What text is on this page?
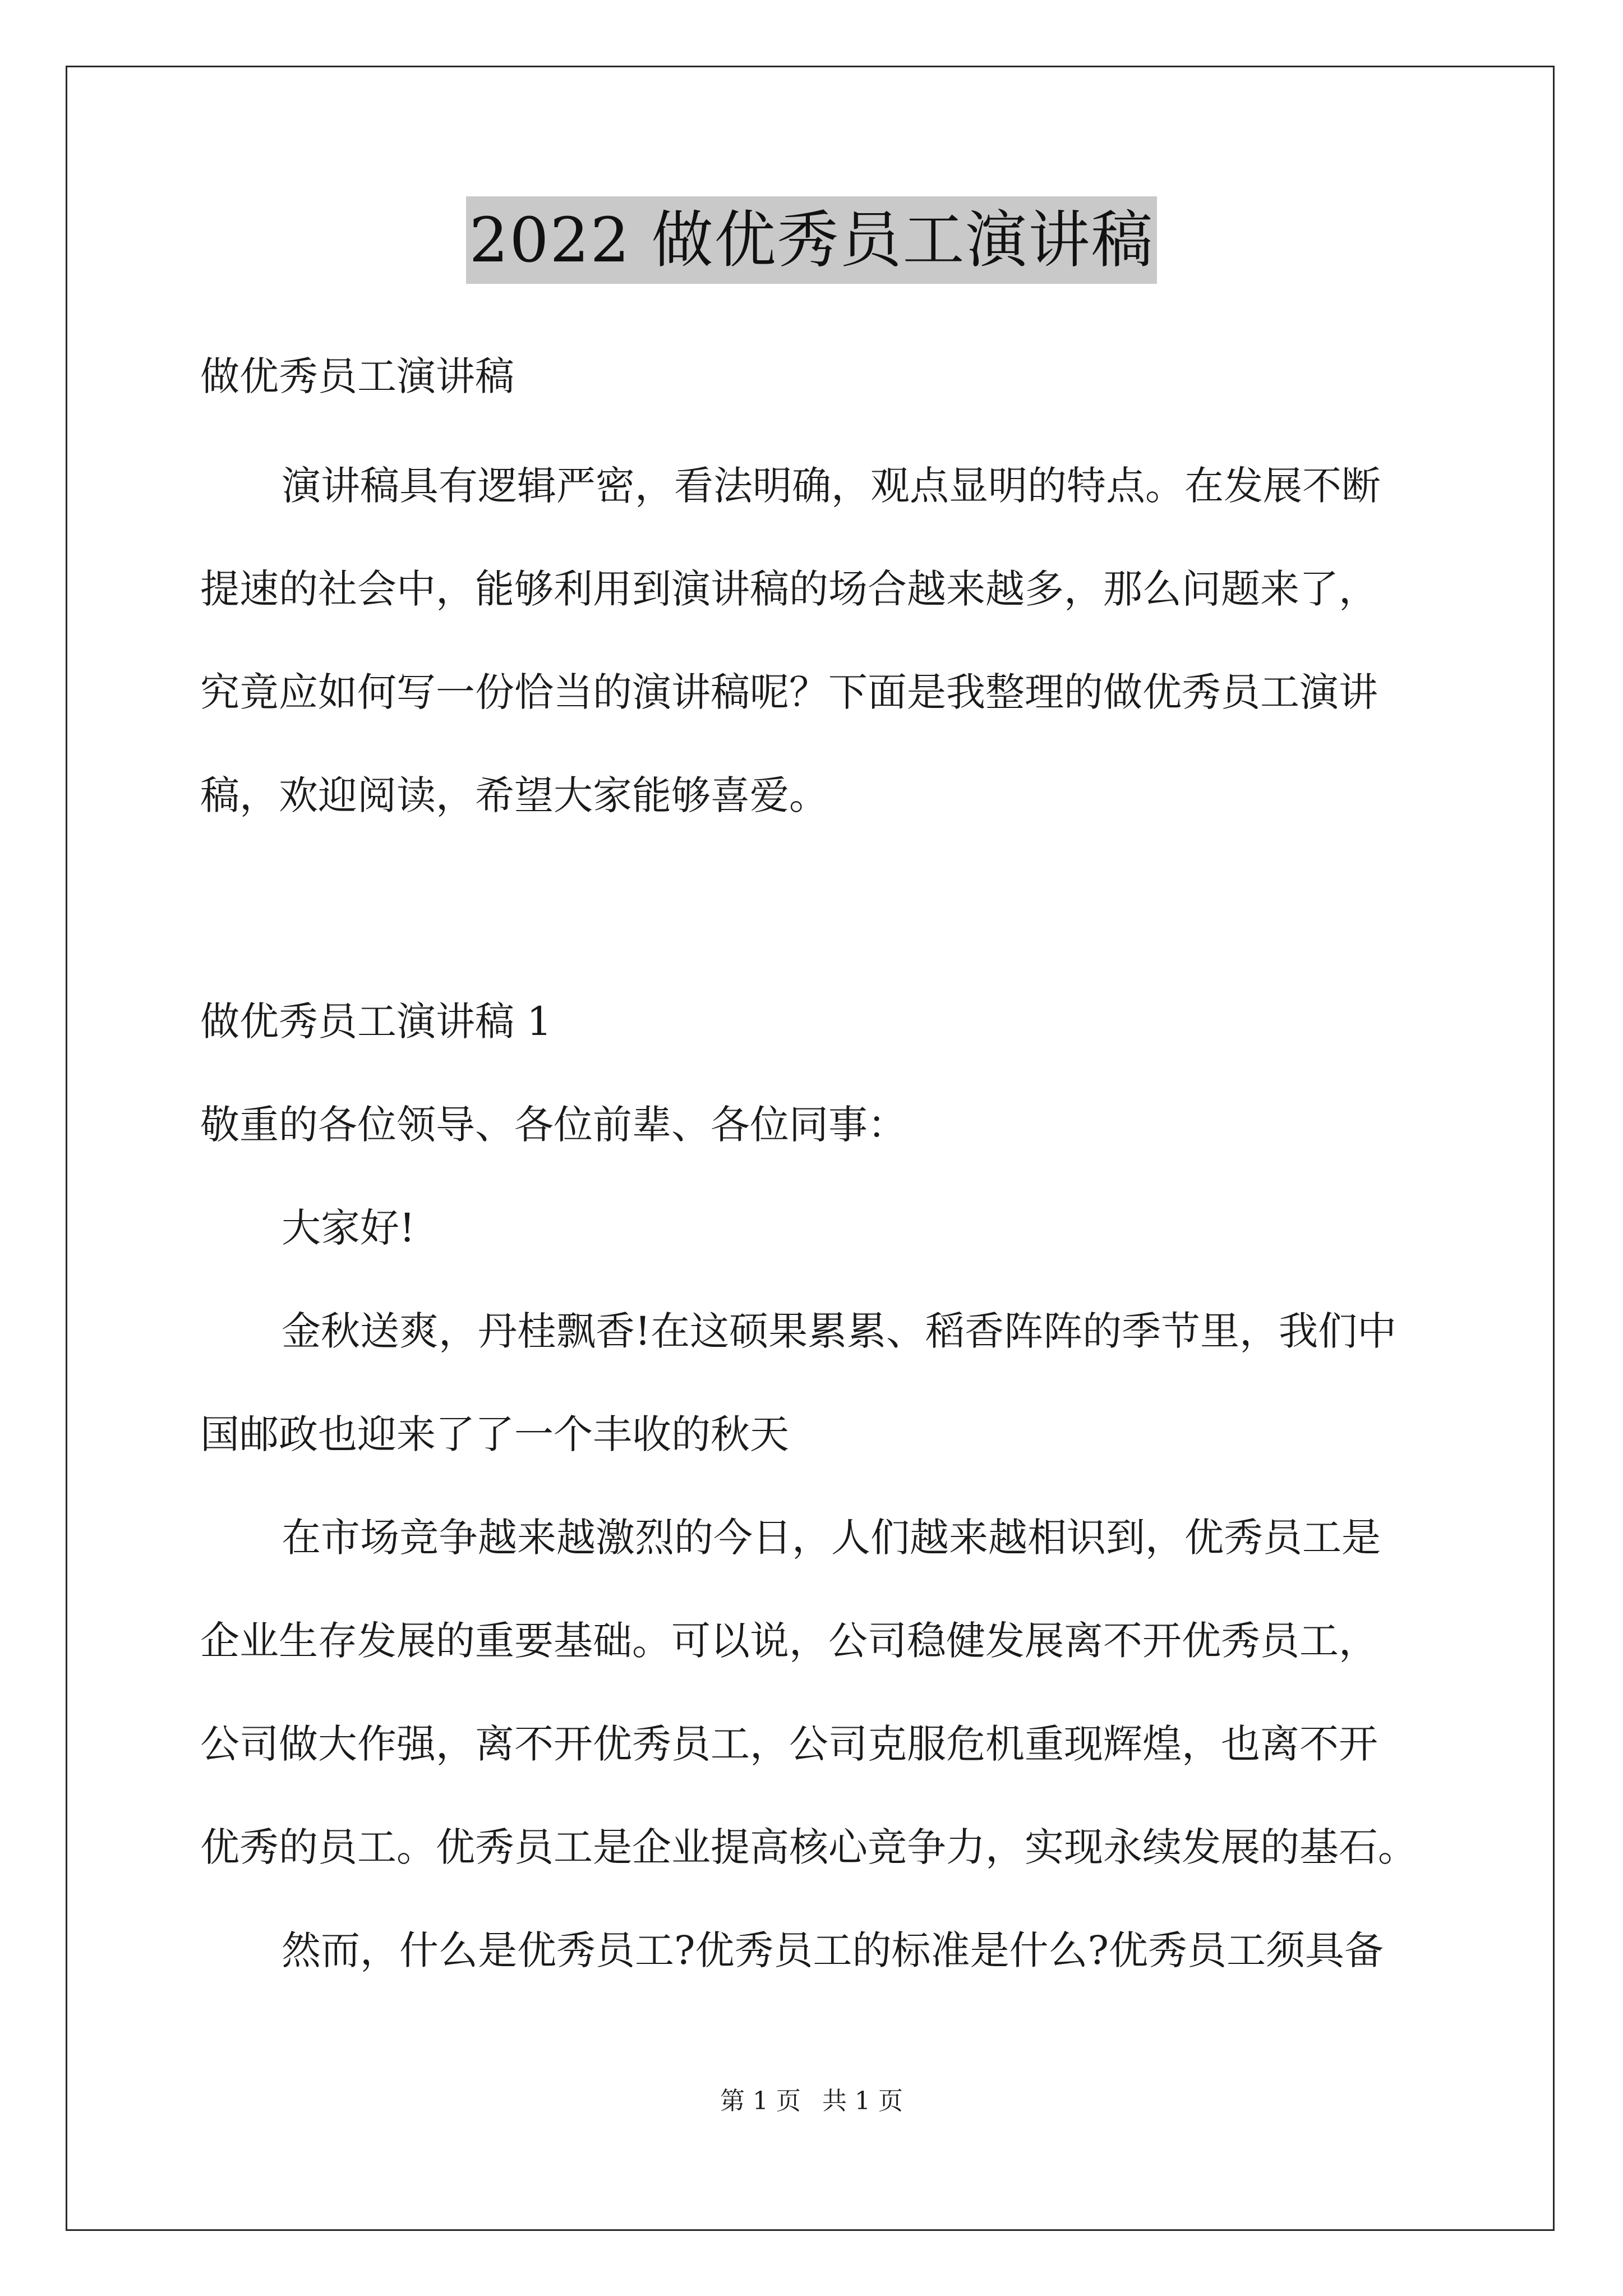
2022 做优秀员工演讲稿
做优秀员工演讲稿
演讲稿具有逻辑严密，看法明确，观点显明的特点。在发展不断
提速的社会中，能够利用到演讲稿的场合越来越多，那么问题来了，
究竟应如何写一份恰当的演讲稿呢？下面是我整理的做优秀员工演讲
稿，欢迎阅读，希望大家能够喜爱。
做优秀员工演讲稿 1
敬重的各位领导、各位前辈、各位同事：
大家好!
金秋送爽，丹桂飘香!在这硕果累累、稻香阵阵的季节里，我们中
国邮政也迎来了了一个丰收的秋天
在市场竞争越来越激烈的今日，人们越来越相识到，优秀员工是
企业生存发展的重要基础。可以说，公司稳健发展离不开优秀员工，
公司做大作强，离不开优秀员工，公司克服危机重现辉煌，也离不开
优秀的员工。优秀员工是企业提高核心竞争力，实现永续发展的基石。
然而，什么是优秀员工?优秀员工的标准是什么?优秀员工须具备
第 1 页 共 1 页
